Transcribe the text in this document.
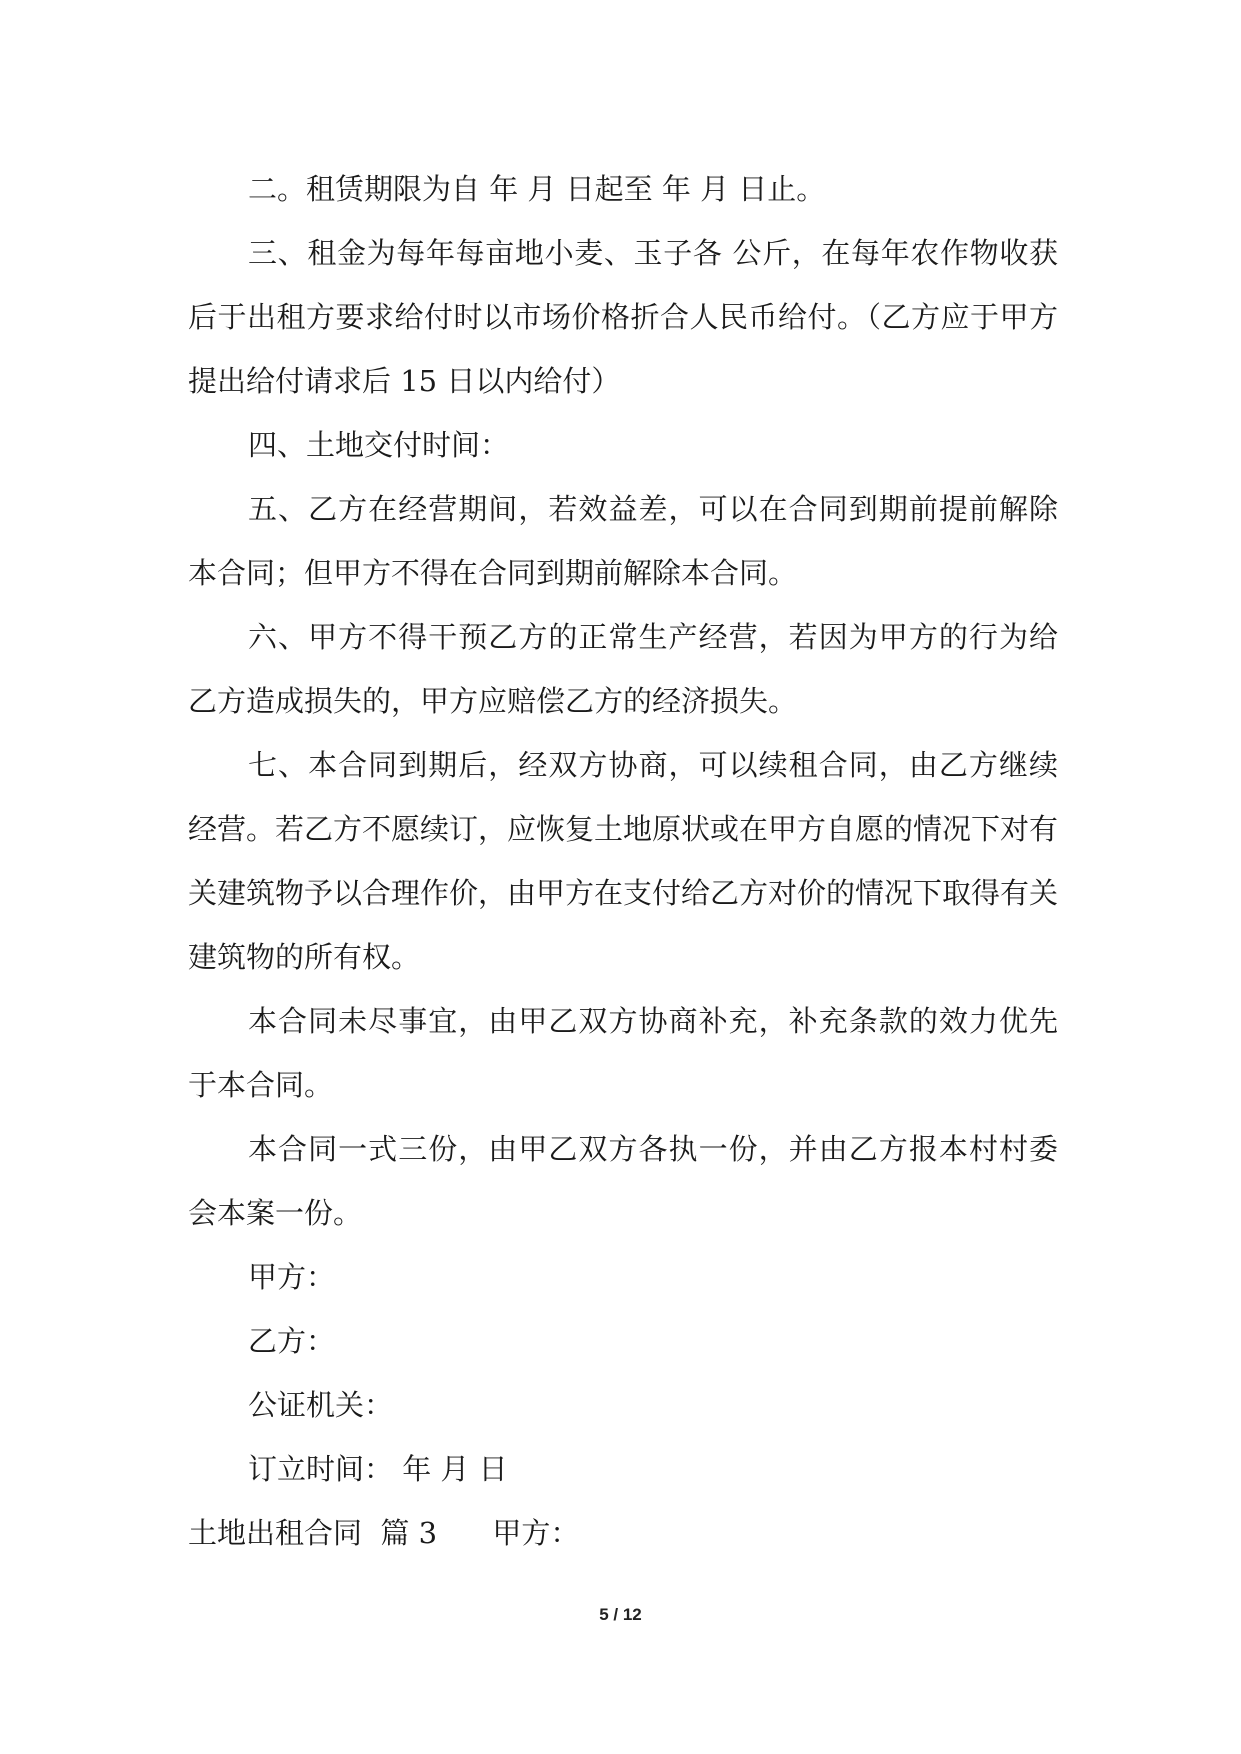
二。租赁期限为自 年 月 日起至 年 月 日止。

三、租金为每年每亩地小麦、玉子各 公斤，在每年农作物收获后于出租方要求给付时以市场价格折合人民币给付。（乙方应于甲方提出给付请求后 15 日以内给付）

四、土地交付时间：

五、乙方在经营期间，若效益差，可以在合同到期前提前解除本合同；但甲方不得在合同到期前解除本合同。

六、甲方不得干预乙方的正常生产经营，若因为甲方的行为给乙方造成损失的，甲方应赔偿乙方的经济损失。

七、本合同到期后，经双方协商，可以续租合同，由乙方继续经营。若乙方不愿续订，应恢复土地原状或在甲方自愿的情况下对有关建筑物予以合理作价，由甲方在支付给乙方对价的情况下取得有关建筑物的所有权。

本合同未尽事宜，由甲乙双方协商补充，补充条款的效力优先于本合同。

本合同一式三份，由甲乙双方各执一份，并由乙方报本村村委会本案一份。

甲方：

乙方：

公证机关：

订立时间： 年 月 日

土地出租合同  篇 3      甲方：

5 / 12
